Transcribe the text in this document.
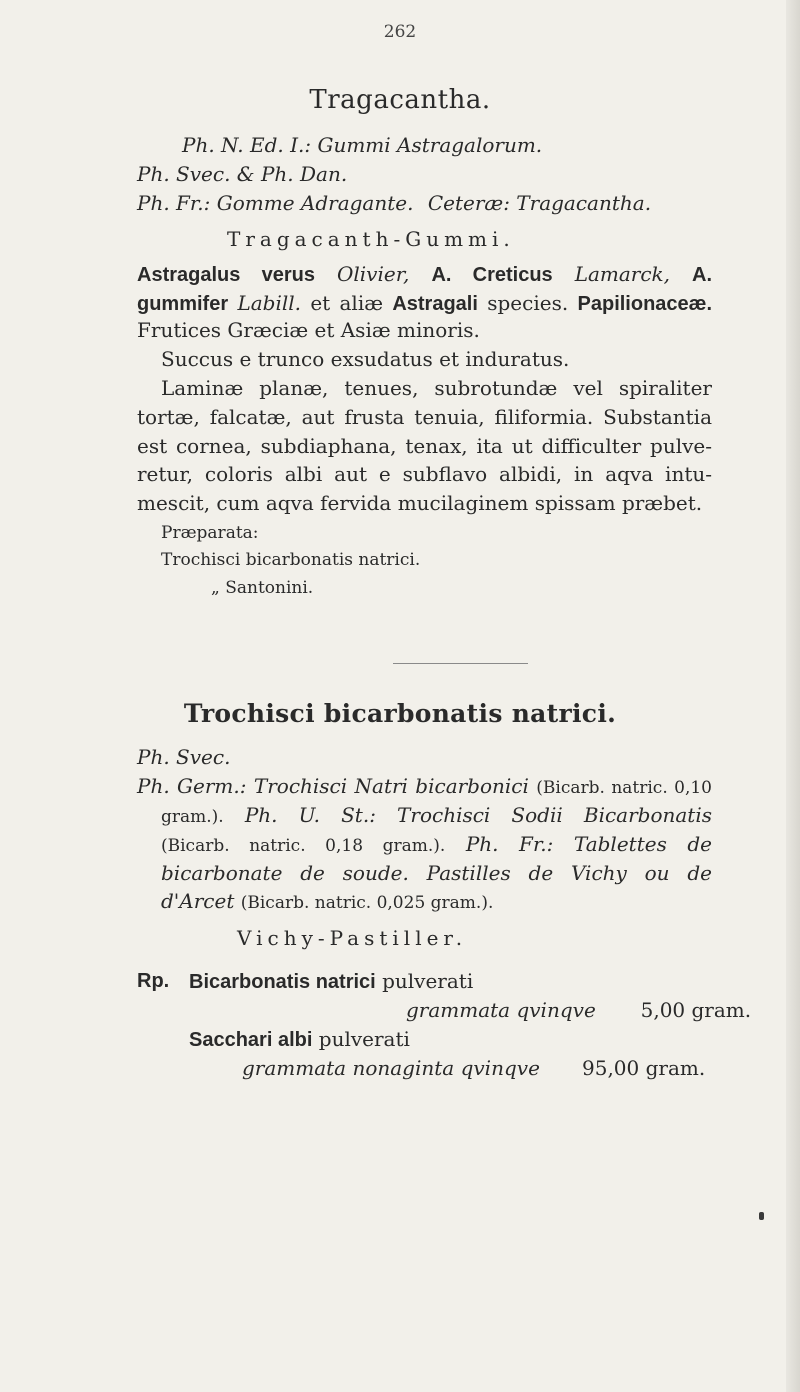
262
Tragacantha.
Ph. N. Ed. I.: Gummi Astragalorum.
Ph. Svec. & Ph. Dan.
Ph. Fr.: Gomme Adragante. Ceteræ: Tragacantha.
Tragacanth-Gummi.
Astragalus verus Olivier, A. Creticus Lamarck, A.
gummifer Labill. et aliæ Astragali species. Papilionaceæ.
Frutices Græciæ et Asiæ minoris.
Succus e trunco exsudatus et induratus.
Laminæ planæ, tenues, subrotundæ vel spiraliter
tortæ, falcatæ, aut frusta tenuia, filiformia. Substantia
est cornea, subdiaphana, tenax, ita ut difficulter pulve-
retur, coloris albi aut e subflavo albidi, in aqva intu-
mescit, cum aqva fervida mucilaginem spissam præbet.
Præparata:
Trochisci bicarbonatis natrici.
„ Santonini.
Trochisci bicarbonatis natrici.
Ph. Svec.
Ph. Germ.: Trochisci Natri bicarbonici (Bicarb. natric. 0,10
gram.). Ph. U. St.: Trochisci Sodii Bicarbonatis
(Bicarb. natric. 0,18 gram.). Ph. Fr.: Tablettes de
bicarbonate de soude. Pastilles de Vichy ou de
d'Arcet (Bicarb. natric. 0,025 gram.).
Vichy-Pastiller.
Rp. Bicarbonatis natrici pulverati
grammata qvinqve 5,00 gram.
Sacchari albi pulverati
grammata nonaginta qvinqve 95,00 gram.
